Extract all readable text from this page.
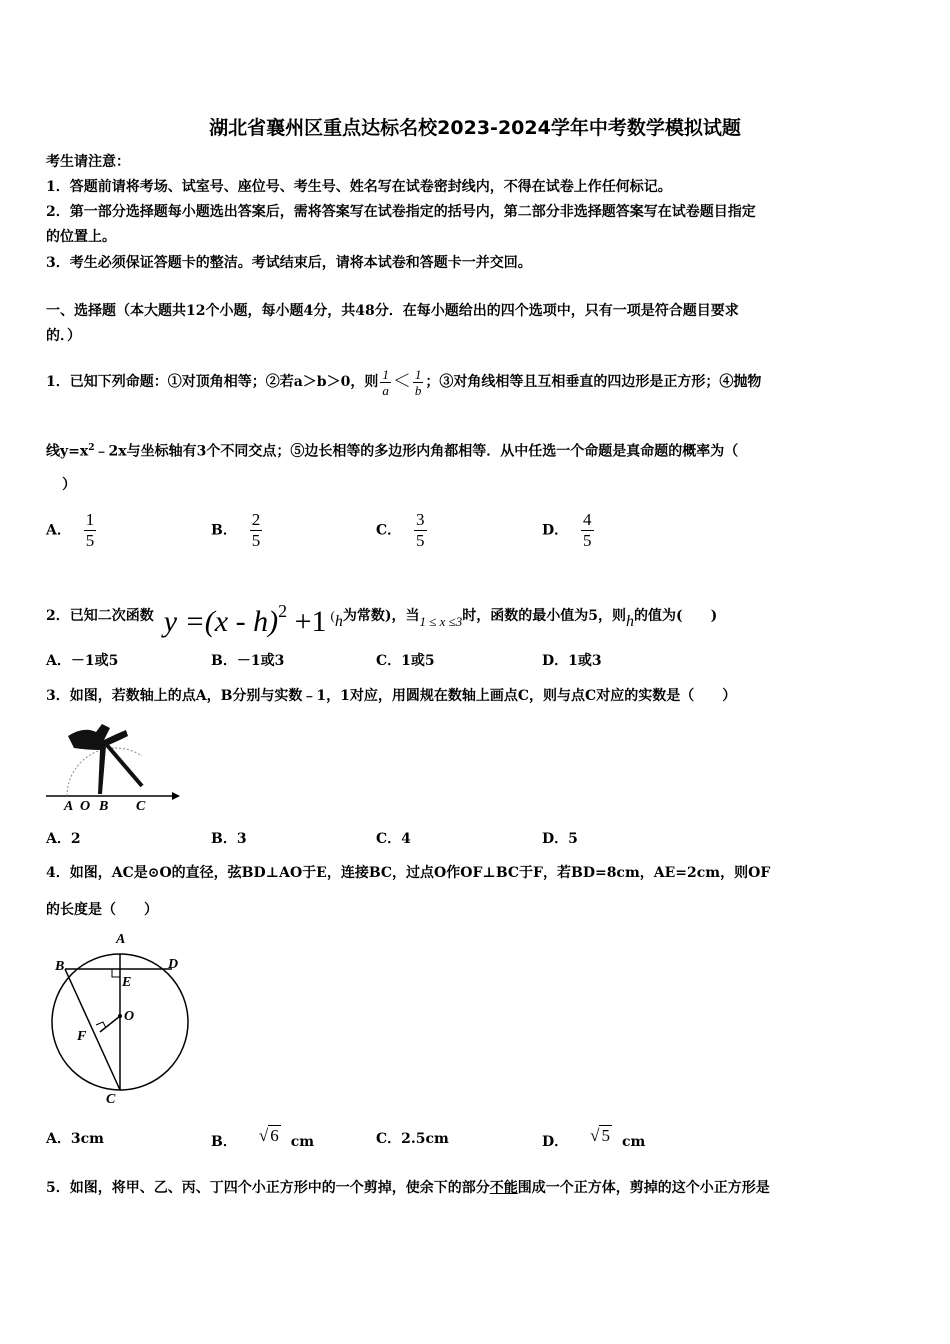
湖北省襄州区重点达标名校2023-2024学年中考数学模拟试题
考生请注意：
1．答题前请将考场、试室号、座位号、考生号、姓名写在试卷密封线内，不得在试卷上作任何标记。
2．第一部分选择题每小题选出答案后，需将答案写在试卷指定的括号内，第二部分非选择题答案写在试卷题目指定
的位置上。
3．考生必须保证答题卡的整洁。考试结束后，请将本试卷和答题卡一并交回。
一、选择题（本大题共12个小题，每小题4分，共48分．在每小题给出的四个选项中，只有一项是符合题目要求
的．）
1．已知下列命题：①对顶角相等；②若a＞b＞0，则 $\frac{1}{a} < \frac{1}{b}$ ；③对角线相等且互相垂直的四边形是正方形；④抛物
线$y=x^2﹣2x$与坐标轴有3个不同交点；⑤边长相等的多边形内角都相等．从中任选一个命题是真命题的概率为（
）
A． $\frac{1}{5}$	B． $\frac{2}{5}$	C． $\frac{3}{5}$	D． $\frac{4}{5}$
2．已知二次函数 y =(x - h)$^2$ +1 ( h 为常数)，当 1 ≤ x ≤3 时，函数的最小值为5，则 h 的值为(　　)
A．－1或5	B．－1或3	C．1或5	D．1或3
3．如图，若数轴上的点A，B分别与实数﹣1，1对应，用圆规在数轴上画点C，则与点C对应的实数是（　　）
A O B C
A．2	B．3	C．4	D．5
4．如图，AC是⊙O的直径，弦BD⊥AO于E，连接BC，过点O作OF⊥BC于F，若BD=8cm，AE=2cm，则OF
的长度是（　　）
A
B	D
E
O
F
C
A．3cm	B． √ 6 cm	C．2.5cm	D． √ 5 cm
5．如图，将甲、乙、丙、丁四个小正方形中的一个剪掉，使余下的部分不能围成一个正方体，剪掉的这个小正方形是
